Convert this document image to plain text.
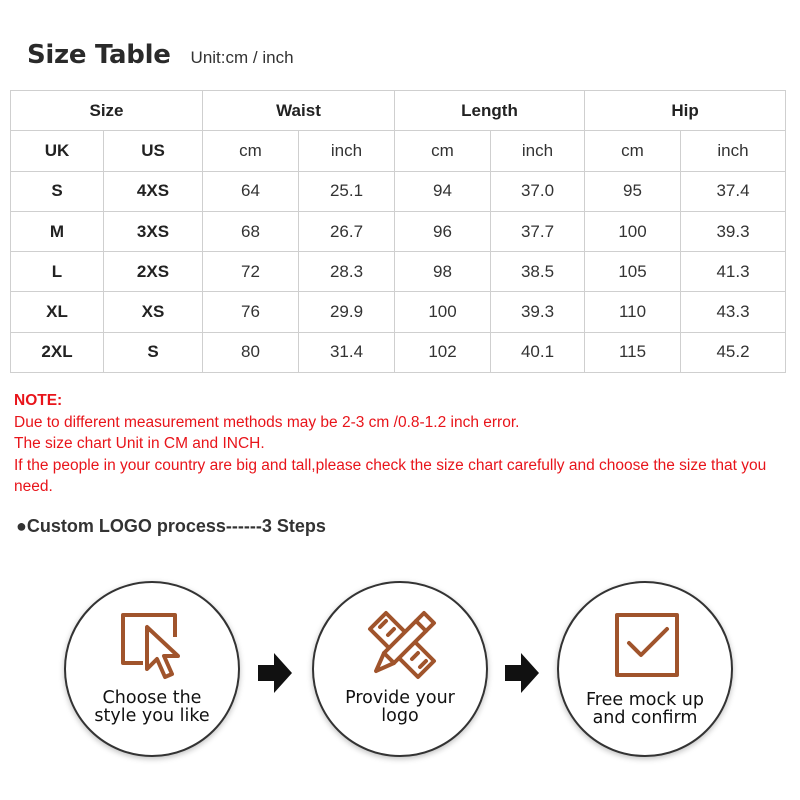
Size Table Unit:cm / inch
Size		Waist		Length		Hip	
UK	US	cm	inch	cm	inch	cm	inch
S	4XS	64	25.1	94	37.0	95	37.4
M	3XS	68	26.7	96	37.7	100	39.3
L	2XS	72	28.3	98	38.5	105	41.3
XL	XS	76	29.9	100	39.3	110	43.3
2XL	S	80	31.4	102	40.1	115	45.2
NOTE:
Due to different measurement methods may be 2-3 cm /0.8-1.2 inch error.
The size chart Unit in CM and INCH.
If the people in your country are big and tall,please check the size chart carefully and choose the size that you need.
●Custom LOGO process------3 Steps
Choose the
style you like
Provide your
logo
Free mock up
and confirm
